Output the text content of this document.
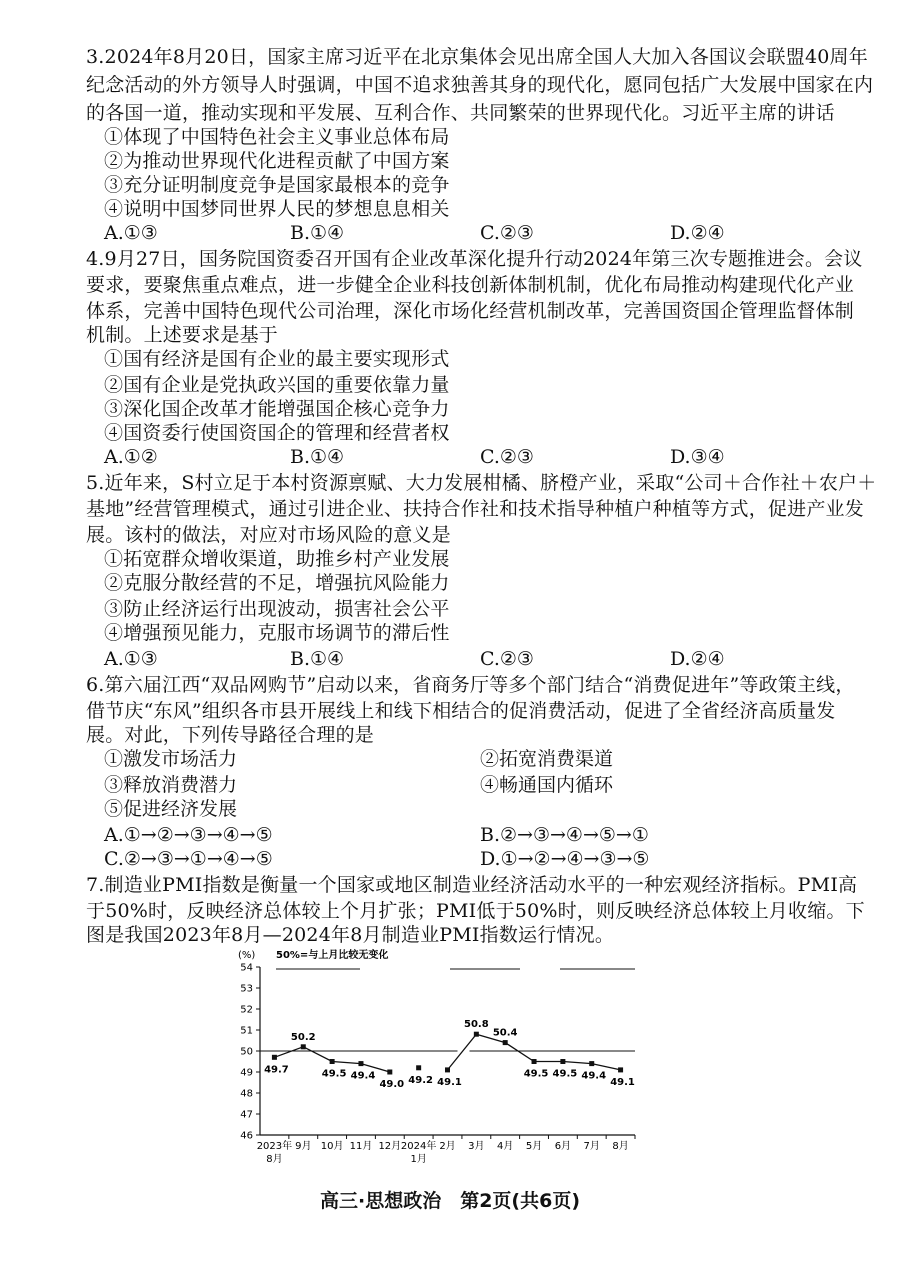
3.2024年8月20日，国家主席习近平在北京集体会见出席全国人大加入各国议会联盟40周年
纪念活动的外方领导人时强调，中国不追求独善其身的现代化，愿同包括广大发展中国家在内
的各国一道，推动实现和平发展、互利合作、共同繁荣的世界现代化。习近平主席的讲话
①体现了中国特色社会主义事业总体布局
②为推动世界现代化进程贡献了中国方案
③充分证明制度竞争是国家最根本的竞争
④说明中国梦同世界人民的梦想息息相关
A.①③	B.①④	C.②③	D.②④
4.9月27日，国务院国资委召开国有企业改革深化提升行动2024年第三次专题推进会。会议
要求，要聚焦重点难点，进一步健全企业科技创新体制机制，优化布局推动构建现代化产业
体系，完善中国特色现代公司治理，深化市场化经营机制改革，完善国资国企管理监督体制
机制。上述要求是基于
①国有经济是国有企业的最主要实现形式
②国有企业是党执政兴国的重要依靠力量
③深化国企改革才能增强国企核心竞争力
④国资委行使国资国企的管理和经营者权
A.①②	B.①④	C.②③	D.③④
5.近年来，S村立足于本村资源禀赋、大力发展柑橘、脐橙产业，采取“公司＋合作社＋农户＋
基地”经营管理模式，通过引进企业、扶持合作社和技术指导种植户种植等方式，促进产业发
展。该村的做法，对应对市场风险的意义是
①拓宽群众增收渠道，助推乡村产业发展
②克服分散经营的不足，增强抗风险能力
③防止经济运行出现波动，损害社会公平
④增强预见能力，克服市场调节的滞后性
A.①③	B.①④	C.②③	D.②④
6.第六届江西“双品网购节”启动以来，省商务厅等多个部门结合“消费促进年”等政策主线，
借节庆“东风”组织各市县开展线上和线下相结合的促消费活动，促进了全省经济高质量发
展。对此，下列传导路径合理的是
①激发市场活力	②拓宽消费渠道
③释放消费潜力	④畅通国内循环
⑤促进经济发展
A.①→②→③→④→⑤	B.②→③→④→⑤→①
C.②→③→①→④→⑤	D.①→②→④→③→⑤
7.制造业PMI指数是衡量一个国家或地区制造业经济活动水平的一种宏观经济指标。PMI高
于50%时，反映经济总体较上个月扩张；PMI低于50%时，则反映经济总体较上月收缩。下
图是我国2023年8月—2024年8月制造业PMI指数运行情况。
(%) 50%=与上月比较无变化
46
47
48
49
50
51
52
53
54
2023年
8月
9月 10月 11月 12月 2024年
1月
2月 3月 4月 5月 6月 7月 8月
49.7
50.2
49.5 49.4
49.0 49.2 49.1
50.8
50.4
49.5 49.5 49.4
49.1
高三·思想政治　第2页(共6页)
